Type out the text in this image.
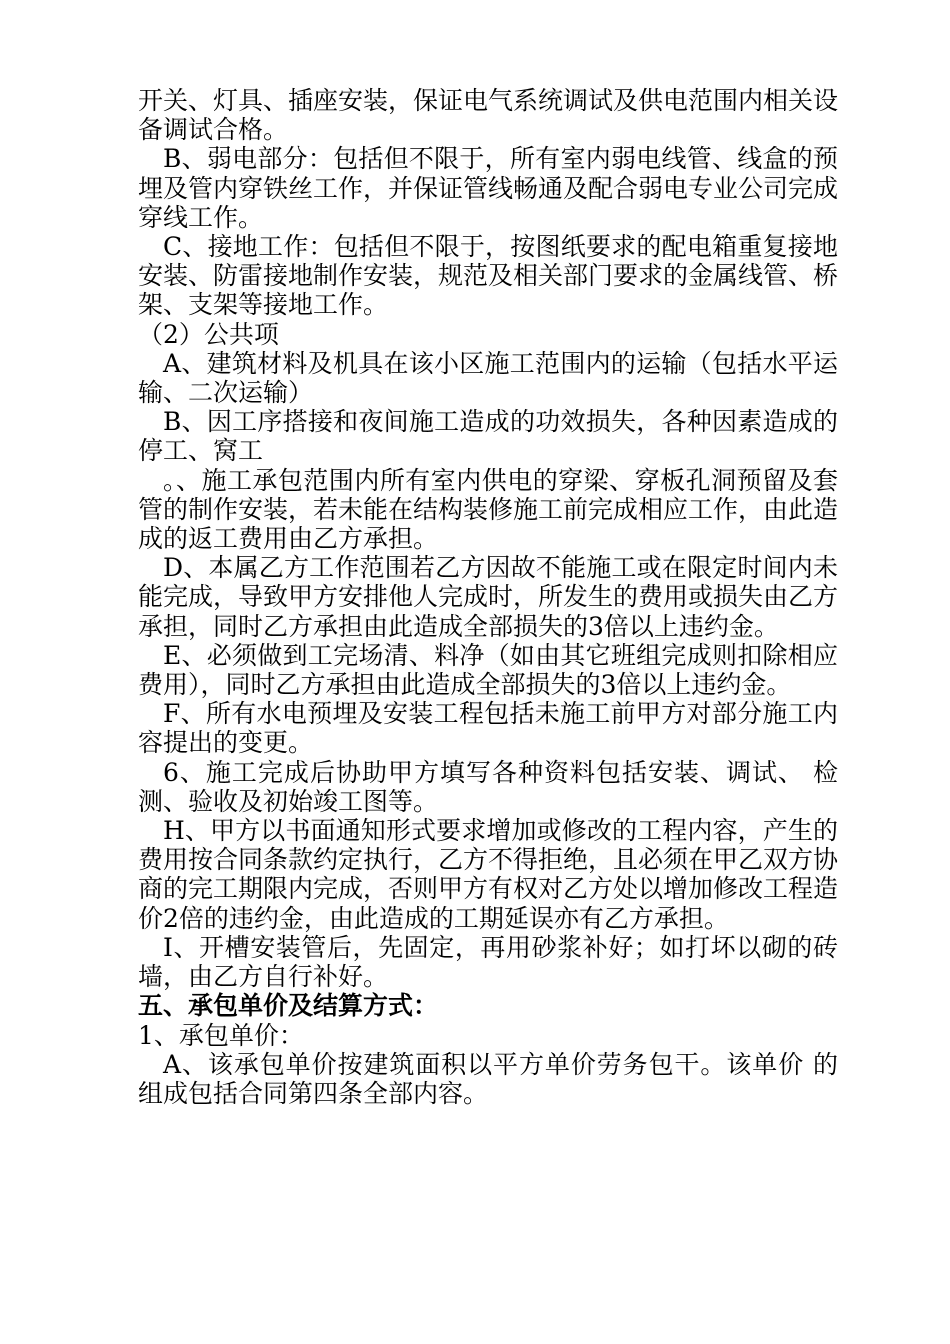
开关、灯具、插座安装，保证电气系统调试及供电范围内相关设备调试合格。

B、弱电部分：包括但不限于，所有室内弱电线管、线盒的预埋及管内穿铁丝工作，并保证管线畅通及配合弱电专业公司完成穿线工作。

C、接地工作：包括但不限于，按图纸要求的配电箱重复接地安装、防雷接地制作安装，规范及相关部门要求的金属线管、桥架、支架等接地工作。

（2）公共项

A、建筑材料及机具在该小区施工范围内的运输（包括水平运输、二次运输）

B、因工序搭接和夜间施工造成的功效损失，各种因素造成的停工、窝工

。、施工承包范围内所有室内供电的穿梁、穿板孔洞预留及套管的制作安装，若未能在结构装修施工前完成相应工作，由此造成的返工费用由乙方承担。

D、本属乙方工作范围若乙方因故不能施工或在限定时间内未能完成，导致甲方安排他人完成时，所发生的费用或损失由乙方承担，同时乙方承担由此造成全部损失的3倍以上违约金。

E、必须做到工完场清、料净（如由其它班组完成则扣除相应费用），同时乙方承担由此造成全部损失的3倍以上违约金。

F、所有水电预埋及安装工程包括未施工前甲方对部分施工内容提出的变更。

6、施工完成后协助甲方填写各种资料包括安装、调试、 检测、验收及初始竣工图等。

H、甲方以书面通知形式要求增加或修改的工程内容，产生的费用按合同条款约定执行，乙方不得拒绝，且必须在甲乙双方协商的完工期限内完成，否则甲方有权对乙方处以增加修改工程造价2倍的违约金，由此造成的工期延误亦有乙方承担。

I、开槽安装管后，先固定，再用砂浆补好；如打坏以砌的砖墙，由乙方自行补好。

五、承包单价及结算方式：

1、承包单价：

A、该承包单价按建筑面积以平方单价劳务包干。该单价 的组成包括合同第四条全部内容。
